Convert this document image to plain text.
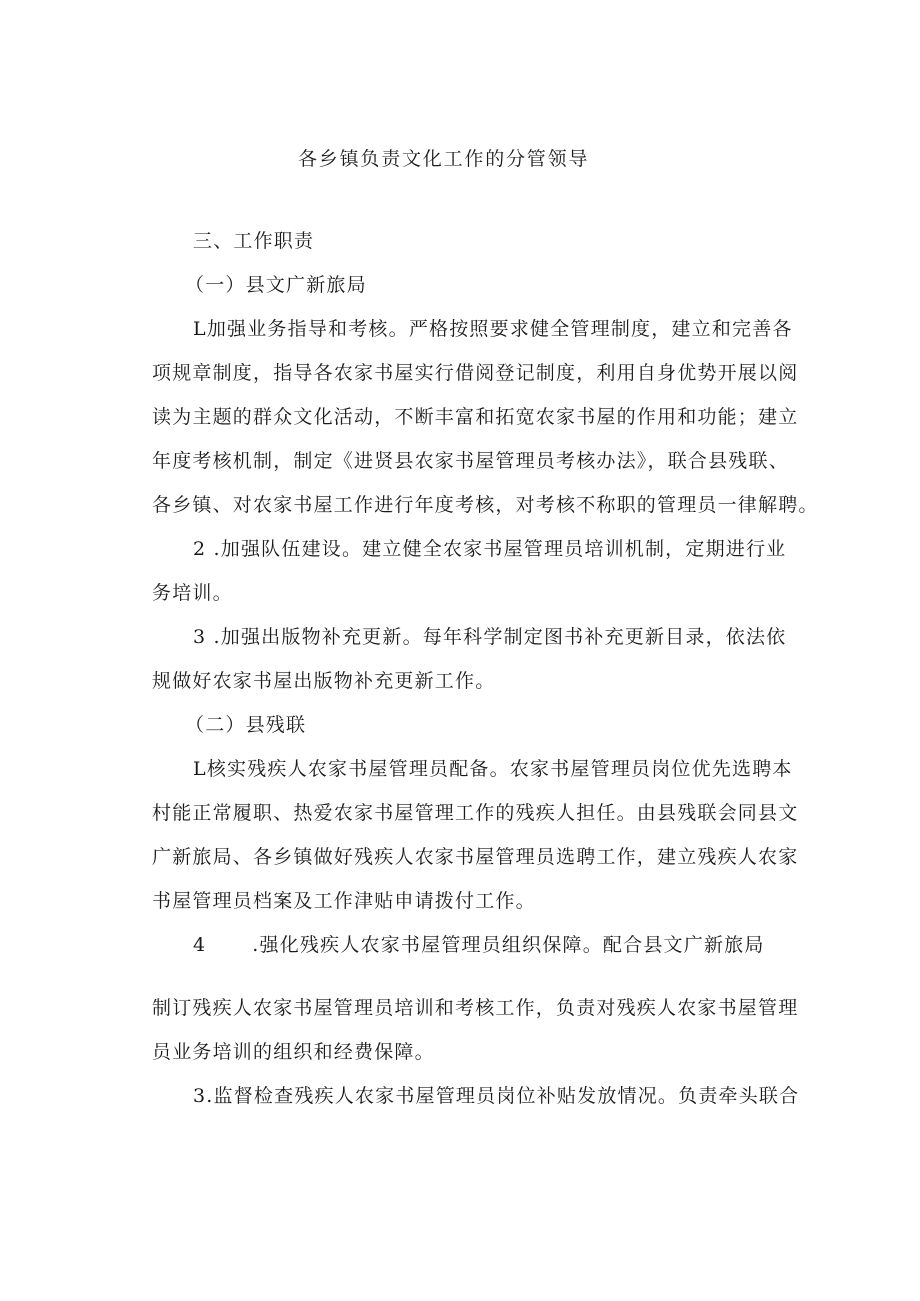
各乡镇负责文化工作的分管领导
三、工作职责
（一）县文广新旅局
L加强业务指导和考核。严格按照要求健全管理制度，建立和完善各
项规章制度，指导各农家书屋实行借阅登记制度，利用自身优势开展以阅
读为主题的群众文化活动，不断丰富和拓宽农家书屋的作用和功能；建立
年度考核机制，制定《进贤县农家书屋管理员考核办法》，联合县残联、
各乡镇、对农家书屋工作进行年度考核，对考核不称职的管理员一律解聘。
2 .加强队伍建设。建立健全农家书屋管理员培训机制，定期进行业
务培训。
3 .加强出版物补充更新。每年科学制定图书补充更新目录，依法依
规做好农家书屋出版物补充更新工作。
（二）县残联
L核实残疾人农家书屋管理员配备。农家书屋管理员岗位优先选聘本
村能正常履职、热爱农家书屋管理工作的残疾人担任。由县残联会同县文
广新旅局、各乡镇做好残疾人农家书屋管理员选聘工作，建立残疾人农家
书屋管理员档案及工作津贴申请拨付工作。
4 .强化残疾人农家书屋管理员组织保障。配合县文广新旅局
制订残疾人农家书屋管理员培训和考核工作，负责对残疾人农家书屋管理
员业务培训的组织和经费保障。
3.监督检查残疾人农家书屋管理员岗位补贴发放情况。负责牵头联合
